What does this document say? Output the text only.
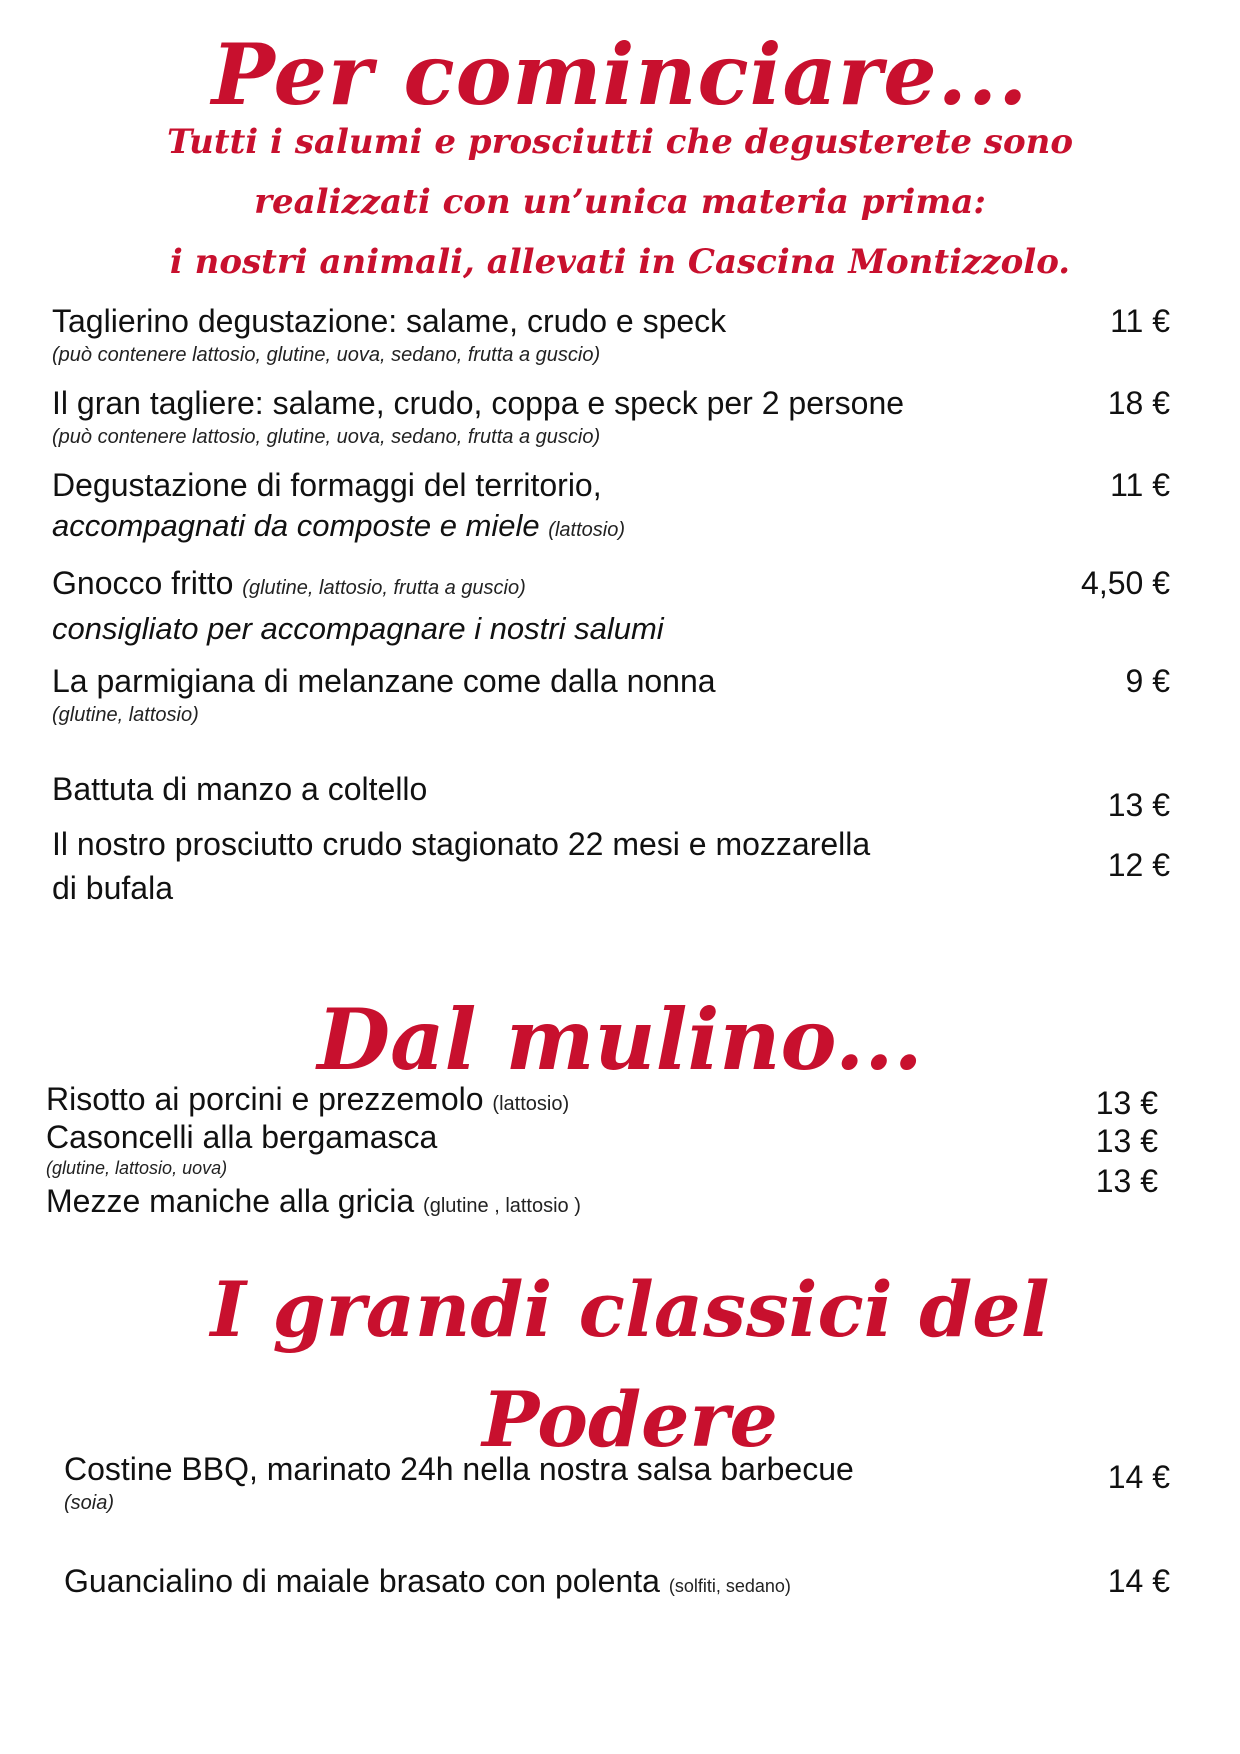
Per cominciare...
Tutti i salumi e prosciutti che degusterete sono
realizzati con un’unica materia prima:
i nostri animali, allevati in Cascina Montizzolo.
11 €
Taglierino degustazione: salame, crudo e speck
(può contenere lattosio, glutine, uova, sedano, frutta a guscio)
18 €
Il gran tagliere: salame, crudo, coppa e speck per 2 persone
(può contenere lattosio, glutine, uova, sedano, frutta a guscio)
11 €
Degustazione di formaggi del territorio,
accompagnati da composte e miele (lattosio)
4,50 €
Gnocco fritto (glutine, lattosio, frutta a guscio)
consigliato per accompagnare i nostri salumi
9 €
La parmigiana di melanzane come dalla nonna
(glutine, lattosio)
13 €
Battuta di manzo a coltello
12 €
Il nostro prosciutto crudo stagionato 22 mesi e mozzarella
di bufala
Dal mulino...
13 €
Risotto ai porcini e prezzemolo (lattosio)
13 €
Casoncelli alla bergamasca
(glutine, lattosio, uova)	13 €
Mezze maniche alla gricia (glutine , lattosio )
I grandi classici del Podere
14 €
Costine BBQ, marinato 24h nella nostra salsa barbecue
(soia)
14 €
Guancialino di maiale brasato con polenta (solfiti, sedano)
